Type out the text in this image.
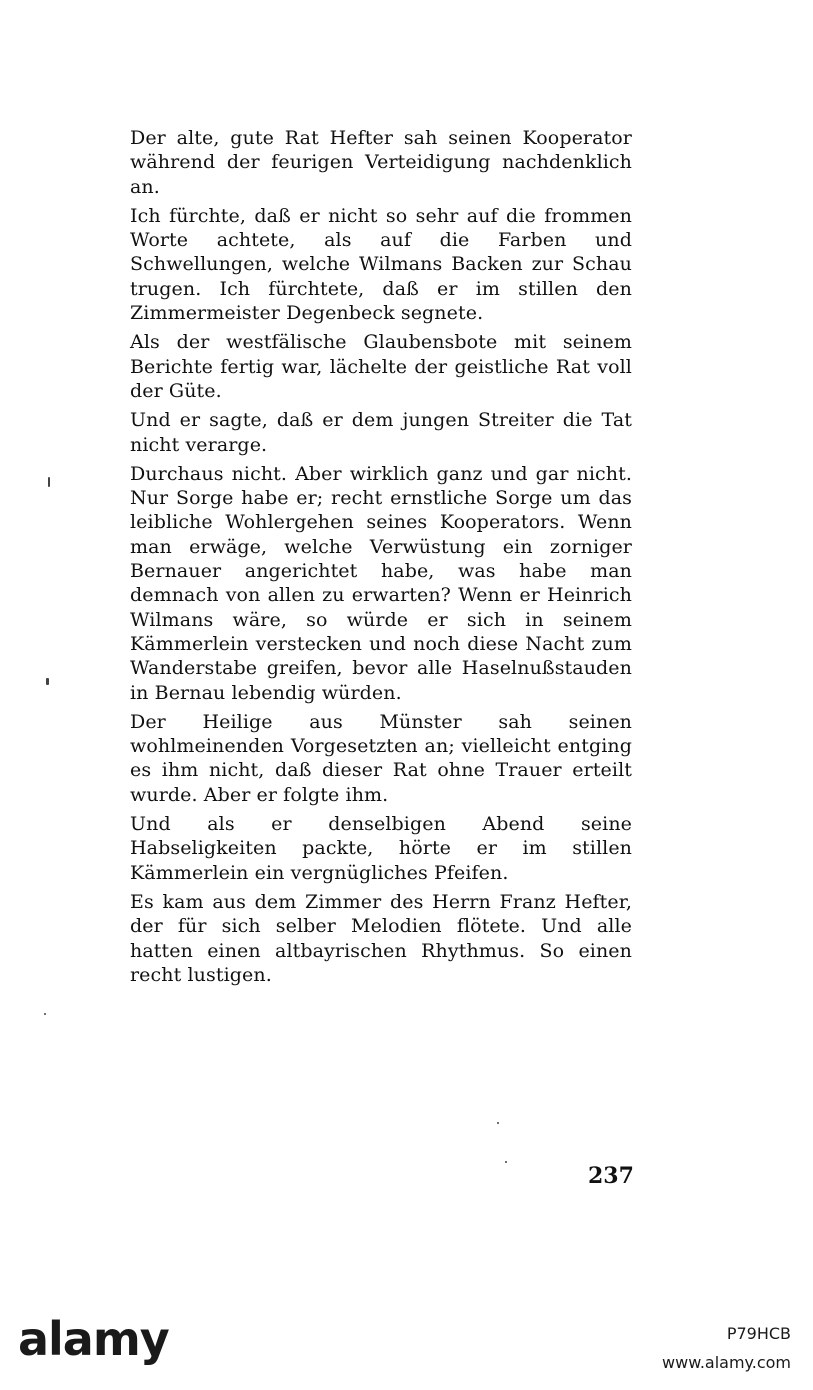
Der alte, gute Rat Hefter sah seinen Kooperator während der feurigen Verteidigung nachdenklich an.

Ich fürchte, daß er nicht so sehr auf die frommen Worte achtete, als auf die Farben und Schwellungen, welche Wilmans Backen zur Schau trugen. Ich fürchtete, daß er im stillen den Zimmermeister Degenbeck segnete.

Als der westfälische Glaubensbote mit seinem Berichte fertig war, lächelte der geistliche Rat voll der Güte.

Und er sagte, daß er dem jungen Streiter die Tat nicht verarge.

Durchaus nicht. Aber wirklich ganz und gar nicht. Nur Sorge habe er; recht ernstliche Sorge um das leibliche Wohlergehen seines Kooperators. Wenn man erwäge, welche Verwüstung ein zorniger Bernauer angerichtet habe, was habe man demnach von allen zu erwarten? Wenn er Heinrich Wilmans wäre, so würde er sich in seinem Kämmerlein verstecken und noch diese Nacht zum Wanderstabe greifen, bevor alle Haselnußstauden in Bernau lebendig würden.

Der Heilige aus Münster sah seinen wohlmeinenden Vorgesetzten an; vielleicht entging es ihm nicht, daß dieser Rat ohne Trauer erteilt wurde. Aber er folgte ihm.

Und als er denselbigen Abend seine Habseligkeiten packte, hörte er im stillen Kämmerlein ein vergnügliches Pfeifen.

Es kam aus dem Zimmer des Herrn Franz Hefter, der für sich selber Melodien flötete. Und alle hatten einen altbayrischen Rhythmus. So einen recht lustigen.

237
alamy	P79HCB
www.alamy.com
